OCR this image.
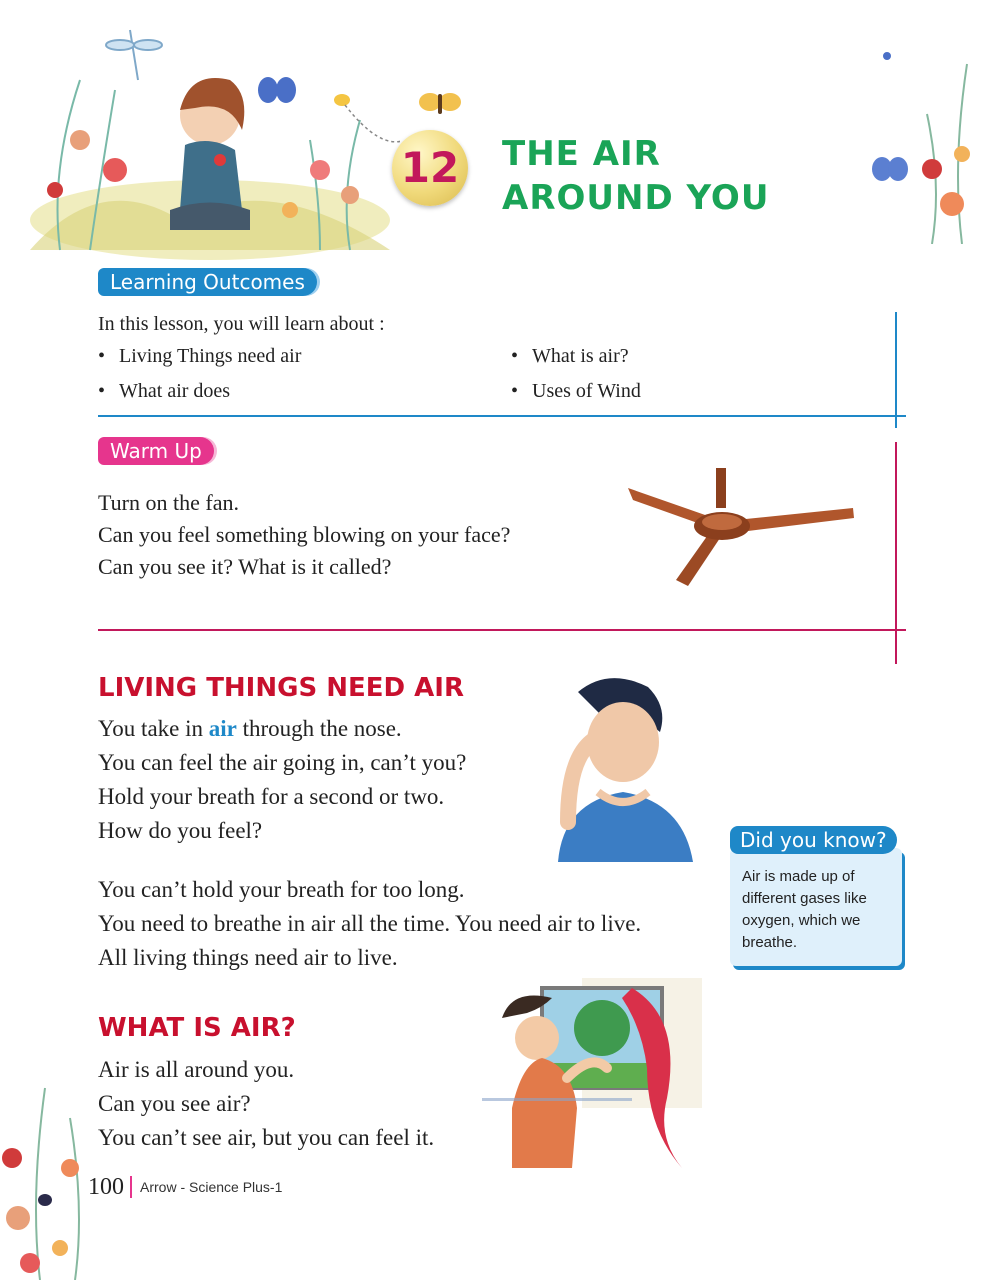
12 THE AIR
AROUND YOU
Learning Outcomes

In this lesson, you will learn about :

• Living Things need air	• What is air?
• What air does	• Uses of Wind
Warm Up
Turn on the fan.
Can you feel something blowing on your face?
Can you see it? What is it called?
LIVING THINGS NEED AIR

You take in air through the nose.

You can feel the air going in, can’t you?

Hold your breath for a second or two.

How do you feel?

You can’t hold your breath for too long.

You need to breathe in air all the time. You need air to live.

All living things need air to live.

Did you know?

Air is made up of different gases like oxygen, which we breathe.

WHAT IS AIR?

Air is all around you.

Can you see air?

You can’t see air, but you can feel it.

100 Arrow - Science Plus-1
